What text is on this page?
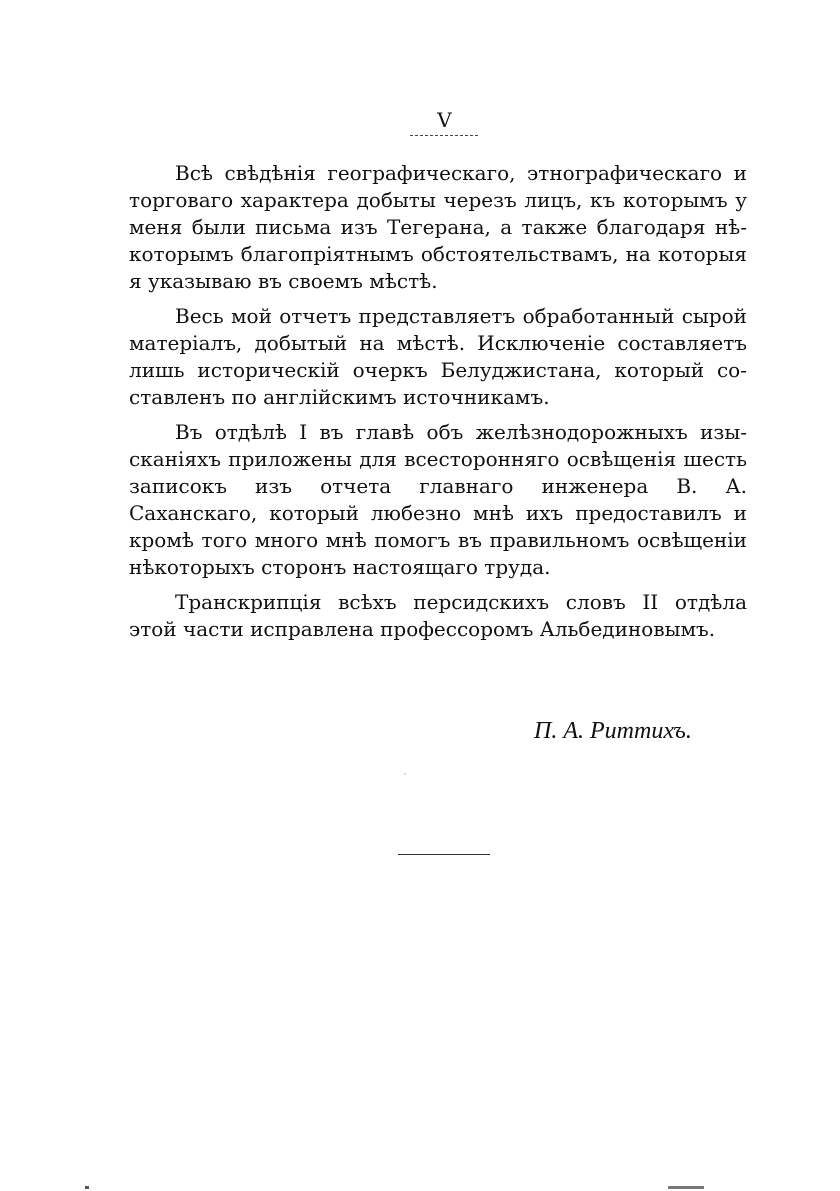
V

Всѣ свѣдѣнія географическаго, этнографическаго и торговаго характера добыты черезъ лицъ, къ которымъ у меня были письма изъ Тегерана, а также благодаря нѣкоторымъ благопріятнымъ обстоятельствамъ, на которыя я указываю въ своемъ мѣстѣ.

Весь мой отчетъ представляетъ обработанный сырой матеріалъ, добытый на мѣстѣ. Исключеніе составляетъ лишь историческій очеркъ Белуджистана, который составленъ по англійскимъ источникамъ.

Въ отдѣлѣ I въ главѣ объ желѣзнодорожныхъ изысканіяхъ приложены для всесторонняго освѣщенія шесть записокъ изъ отчета главнаго инженера В. А. Саханскаго, который любезно мнѣ ихъ предоставилъ и кромѣ того много мнѣ помогъ въ правильномъ освѣщеніи нѣкоторыхъ сторонъ настоящаго труда.

Транскрипція всѣхъ персидскихъ словъ II отдѣла этой части исправлена профессоромъ Альбединовымъ.

П. А. Риттихъ.
